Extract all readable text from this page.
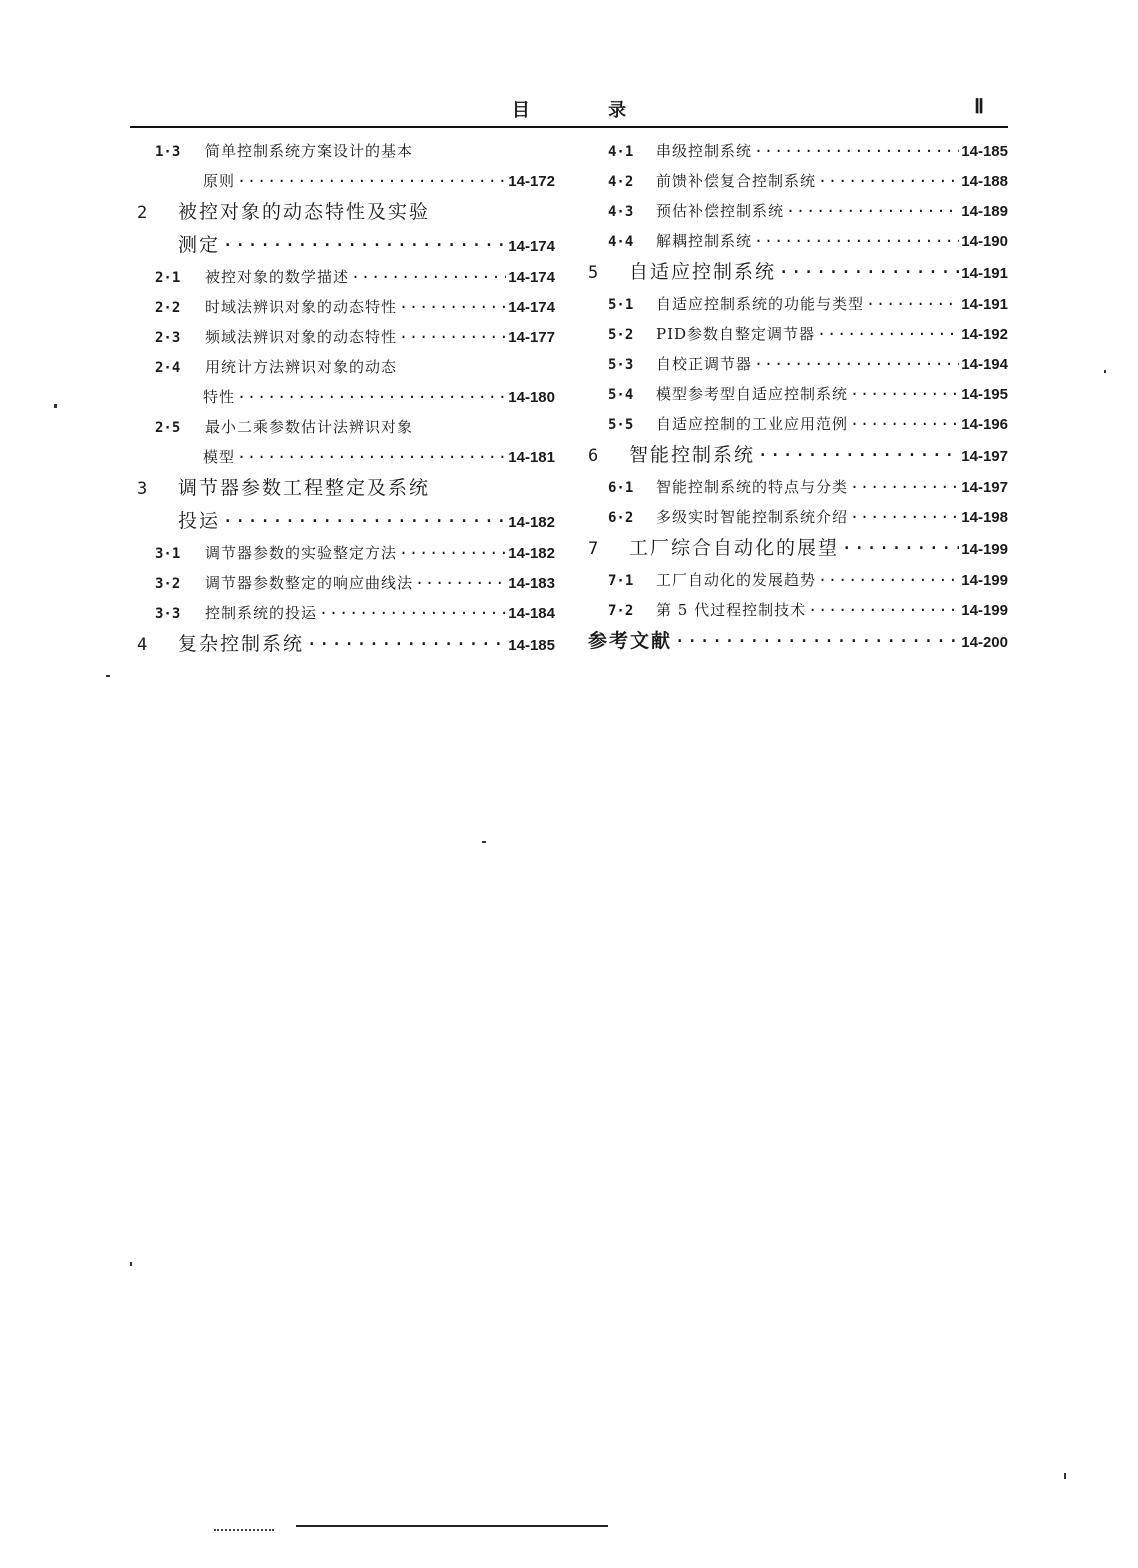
目 录	Ⅱ
1·3	简单控制系统方案设计的基本
原则 ·····	14-172
2	被控对象的动态特性及实验
测定 ·····	14-174
2·1	被控对象的数学描述 ·····	14-174
2·2	时域法辨识对象的动态特性 ·····	14-174
2·3	频域法辨识对象的动态特性 ·····	14-177
2·4	用统计方法辨识对象的动态
特性 ·····	14-180
2·5	最小二乘参数估计法辨识对象
模型 ·····	14-181
3	调节器参数工程整定及系统
投运 ·····	14-182
3·1	调节器参数的实验整定方法 ·····	14-182
3·2	调节器参数整定的响应曲线法 ·····	14-183
3·3	控制系统的投运 ·····	14-184
4	复杂控制系统 ·····	14-185
4·1	串级控制系统 ·····	14-185
4·2	前馈补偿复合控制系统 ·····	14-188
4·3	预估补偿控制系统 ·····	14-189
4·4	解耦控制系统 ·····	14-190
5	自适应控制系统 ·····	14-191
5·1	自适应控制系统的功能与类型 ·····	14-191
5·2	PID参数自整定调节器 ·····	14-192
5·3	自校正调节器 ·····	14-194
5·4	模型参考型自适应控制系统 ·····	14-195
5·5	自适应控制的工业应用范例 ·····	14-196
6	智能控制系统 ·····	14-197
6·1	智能控制系统的特点与分类 ·····	14-197
6·2	多级实时智能控制系统介绍 ·····	14-198
7	工厂综合自动化的展望 ·····	14-199
7·1	工厂自动化的发展趋势 ·····	14-199
7·2	第 5 代过程控制技术 ·····	14-199
参考文献 ·····	14-200
